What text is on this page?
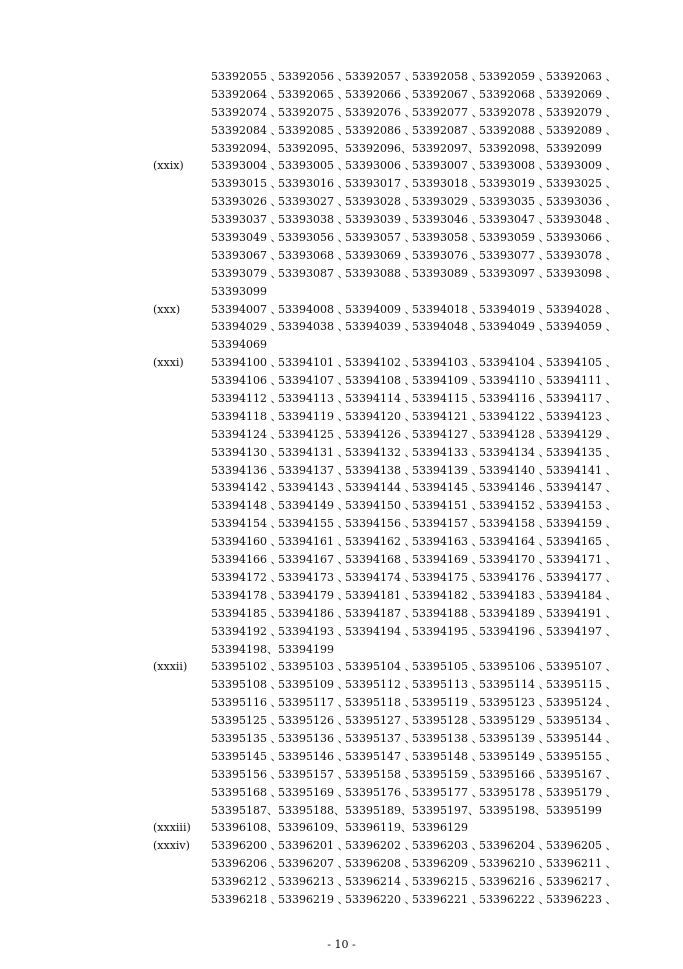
53392055 、
53392056 、
53392057 、
53392058 、
53392059 、
53392063 、
53392064 、
53392065 、
53392066 、
53392067 、
53392068 、
53392069 、
53392074 、
53392075 、
53392076 、
53392077 、
53392078 、
53392079 、
53392084 、
53392085 、
53392086 、
53392087 、
53392088 、
53392089 、
53392094、53392095、53392096、53392097、53392098、53392099
(xxix) 53393004 、
53393005 、
53393006 、
53393007 、
53393008 、
53393009 、
53393015 、
53393016 、
53393017 、
53393018 、
53393019 、
53393025 、
53393026 、
53393027 、
53393028 、
53393029 、
53393035 、
53393036 、
53393037 、
53393038 、
53393039 、
53393046 、
53393047 、
53393048 、
53393049 、
53393056 、
53393057 、
53393058 、
53393059 、
53393066 、
53393067 、
53393068 、
53393069 、
53393076 、
53393077 、
53393078 、
53393079 、
53393087 、
53393088 、
53393089 、
53393097 、
53393098 、
53393099
(xxx)	53394007 、
53394008 、
53394009 、
53394018 、
53394019 、
53394028 、
53394029 、
53394038 、
53394039 、
53394048 、
53394049 、
53394059 、
53394069
(xxxi) 53394100 、
53394101 、
53394102 、
53394103 、
53394104 、
53394105 、
53394106 、
53394107 、
53394108 、
53394109 、
53394110 、
53394111 、
53394112 、
53394113 、
53394114 、
53394115 、
53394116 、
53394117 、
53394118 、
53394119 、
53394120 、
53394121 、
53394122 、
53394123 、
53394124 、
53394125 、
53394126 、
53394127 、
53394128 、
53394129 、
53394130 、
53394131 、
53394132 、
53394133 、
53394134 、
53394135 、
53394136 、
53394137 、
53394138 、
53394139 、
53394140 、
53394141 、
53394142 、
53394143 、
53394144 、
53394145 、
53394146 、
53394147 、
53394148 、
53394149 、
53394150 、
53394151 、
53394152 、
53394153 、
53394154 、
53394155 、
53394156 、
53394157 、
53394158 、
53394159 、
53394160 、
53394161 、
53394162 、
53394163 、
53394164 、
53394165 、
53394166 、
53394167 、
53394168 、
53394169 、
53394170 、
53394171 、
53394172 、
53394173 、
53394174 、
53394175 、
53394176 、
53394177 、
53394178 、
53394179 、
53394181 、
53394182 、
53394183 、
53394184 、
53394185 、
53394186 、
53394187 、
53394188 、
53394189 、
53394191 、
53394192 、
53394193 、
53394194 、
53394195 、
53394196 、
53394197 、
53394198、53394199
(xxxii) 53395102 、
53395103 、
53395104 、
53395105 、
53395106 、
53395107 、
53395108 、
53395109 、
53395112 、
53395113 、
53395114 、
53395115 、
53395116 、
53395117 、
53395118 、
53395119 、
53395123 、
53395124 、
53395125 、
53395126 、
53395127 、
53395128 、
53395129 、
53395134 、
53395135 、
53395136 、
53395137 、
53395138 、
53395139 、
53395144 、
53395145 、
53395146 、
53395147 、
53395148 、
53395149 、
53395155 、
53395156 、
53395157 、
53395158 、
53395159 、
53395166 、
53395167 、
53395168 、
53395169 、
53395176 、
53395177 、
53395178 、
53395179 、
53395187、53395188、53395189、53395197、53395198、53395199
(xxxiii) 53396108、53396109、53396119、53396129
(xxxiv) 53396200 、
53396201 、
53396202 、
53396203 、
53396204 、
53396205 、
53396206 、
53396207 、
53396208 、
53396209 、
53396210 、
53396211 、
53396212 、
53396213 、
53396214 、
53396215 、
53396216 、
53396217 、
53396218 、
53396219 、
53396220 、
53396221 、
53396222 、
53396223 、
- 10 -
